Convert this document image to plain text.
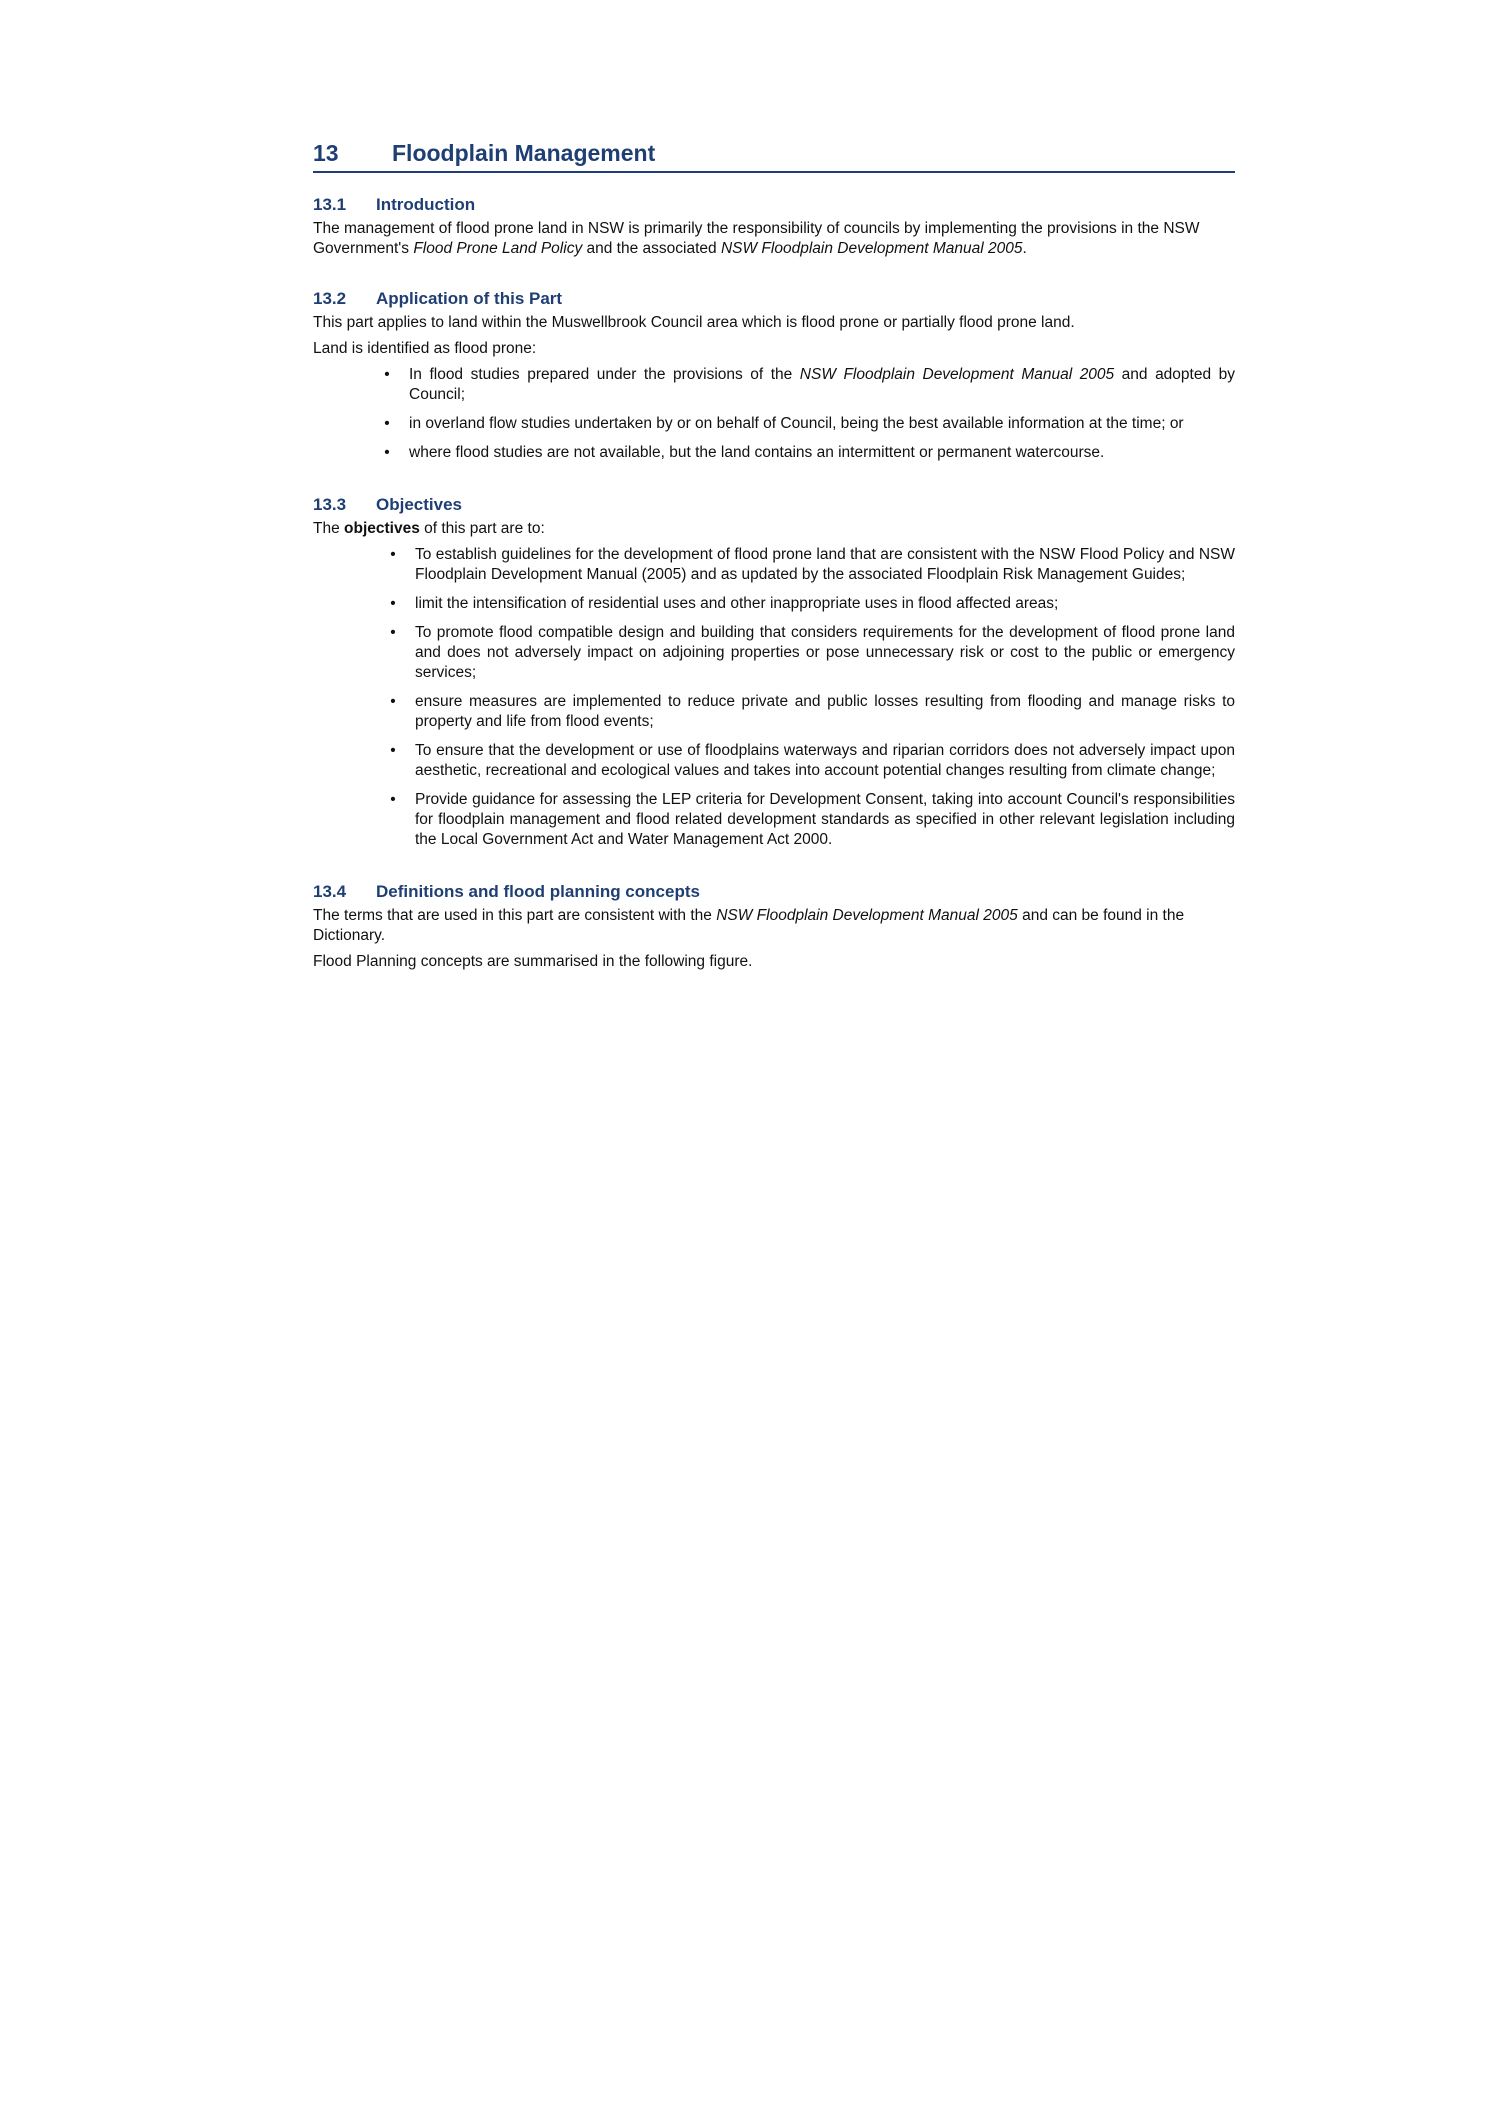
13	Floodplain Management
13.1	Introduction

The management of flood prone land in NSW is primarily the responsibility of councils by implementing the provisions in the NSW Government's Flood Prone Land Policy and the associated NSW Floodplain Development Manual 2005.

13.2	Application of this Part

This part applies to land within the Muswellbrook Council area which is flood prone or partially flood prone land.

Land is identified as flood prone:

•	In flood studies prepared under the provisions of the NSW Floodplain Development Manual 2005 and adopted by Council;
•	in overland flow studies undertaken by or on behalf of Council, being the best available information at the time; or
•	where flood studies are not available, but the land contains an intermittent or permanent watercourse.
13.3	Objectives

The objectives of this part are to:

•	To establish guidelines for the development of flood prone land that are consistent with the NSW Flood Policy and NSW Floodplain Development Manual (2005) and as updated by the associated Floodplain Risk Management Guides;
•	limit the intensification of residential uses and other inappropriate uses in flood affected areas;
•	To promote flood compatible design and building that considers requirements for the development of flood prone land and does not adversely impact on adjoining properties or pose unnecessary risk or cost to the public or emergency services;
•	ensure measures are implemented to reduce private and public losses resulting from flooding and manage risks to property and life from flood events;
•	To ensure that the development or use of floodplains waterways and riparian corridors does not adversely impact upon aesthetic, recreational and ecological values and takes into account potential changes resulting from climate change;
•	Provide guidance for assessing the LEP criteria for Development Consent, taking into account Council's responsibilities for floodplain management and flood related development standards as specified in other relevant legislation including the Local Government Act and Water Management Act 2000.
13.4	Definitions and flood planning concepts

The terms that are used in this part are consistent with the NSW Floodplain Development Manual 2005 and can be found in the Dictionary.

Flood Planning concepts are summarised in the following figure.
